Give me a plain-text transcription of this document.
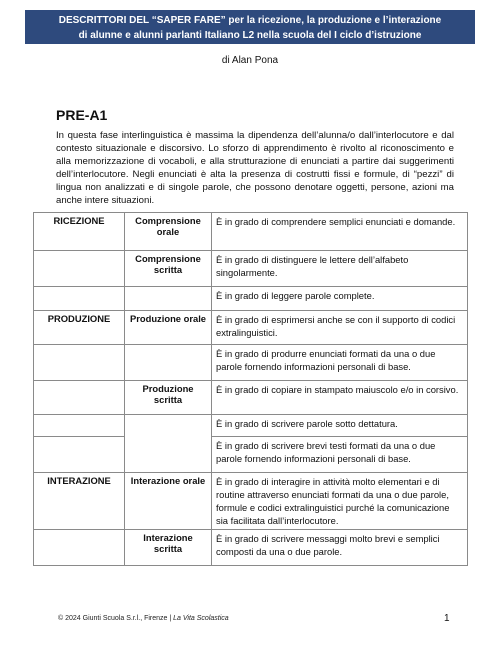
DESCRITTORI DEL “SAPER FARE” per la ricezione, la produzione e l’interazione
di alunne e alunni parlanti Italiano L2 nella scuola del I ciclo d’istruzione
di Alan Pona
PRE-A1

In questa fase interlinguistica è massima la dipendenza dell’alunna/o dall’interlocutore e dal contesto situazionale e discorsivo. Lo sforzo di apprendimento è rivolto al riconoscimento e alla memorizzazione di vocaboli, e alla strutturazione di enunciati a partire dai suggerimenti dell’interlocutore. Negli enunciati è alta la presenza di costrutti fissi e formule, di “pezzi” di lingua non analizzati e di singole parole, che possono denotare oggetti, persone, azioni ma anche intere situazioni.

RICEZIONE	Comprensione orale	È in grado di comprendere semplici enunciati e domande.
	Comprensione scritta	È in grado di distinguere le lettere dell’alfabeto singolarmente.
		È in grado di leggere parole complete.
PRODUZIONE	Produzione orale	È in grado di esprimersi anche se con il supporto di codici extralinguistici.
		È in grado di produrre enunciati formati da una o due parole fornendo informazioni personali di base.
	Produzione scritta	È in grado di copiare in stampato maiuscolo e/o in corsivo.
		È in grado di scrivere parole sotto dettatura.
		È in grado di scrivere brevi testi formati da una o due parole fornendo informazioni personali di base.
INTERAZIONE	Interazione orale	È in grado di interagire in attività molto elementari e di routine attraverso enunciati formati da una o due parole, formule e codici extralinguistici purché la comunicazione sia facilitata dall’interlocutore.
	Interazione scritta	È in grado di scrivere messaggi molto brevi e semplici composti da una o due parole.
© 2024 Giunti Scuola S.r.l., Firenze | La Vita Scolastica	1
